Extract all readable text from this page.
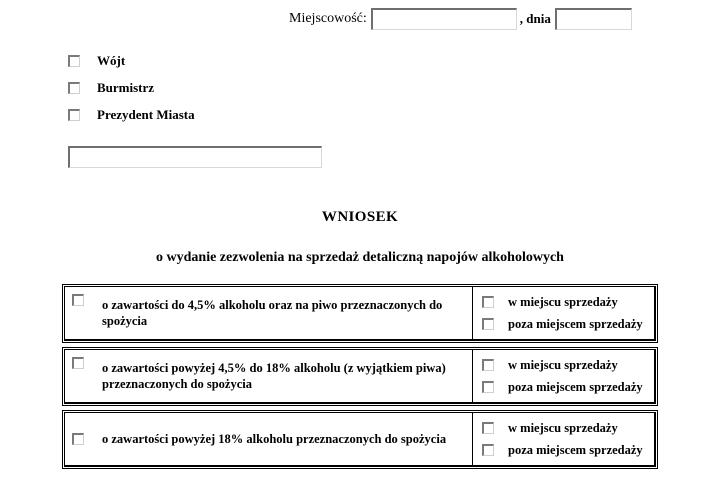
Miejscowość:	, dnia
Wójt
Burmistrz
Prezydent Miasta
WNIOSEK
o wydanie zezwolenia na sprzedaż detaliczną napojów alkoholowych
o zawartości do 4,5% alkoholu oraz na piwo przeznaczonych do spożycia
w miejscu sprzedaży
poza miejscem sprzedaży
o zawartości powyżej 4,5% do 18% alkoholu (z wyjątkiem piwa) przeznaczonych do spożycia
w miejscu sprzedaży
poza miejscem sprzedaży
o zawartości powyżej 18% alkoholu przeznaczonych do spożycia
w miejscu sprzedaży
poza miejscem sprzedaży
